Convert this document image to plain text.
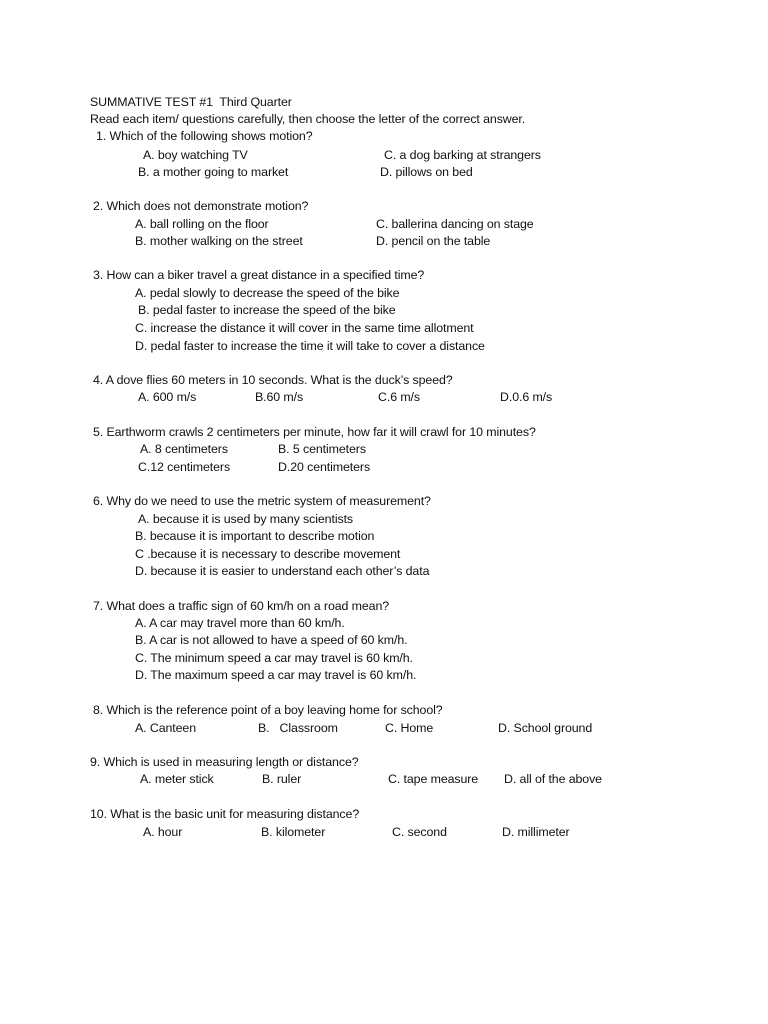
SUMMATIVE TEST #1  Third Quarter
Read each item/ questions carefully, then choose the letter of the correct answer.
1. Which of the following shows motion?
A. boy watching TV	C. a dog barking at strangers
B. a mother going to market	D. pillows on bed
2. Which does not demonstrate motion?
A. ball rolling on the floor	C. ballerina dancing on stage
B. mother walking on the street	D. pencil on the table
3. How can a biker travel a great distance in a specified time?
A. pedal slowly to decrease the speed of the bike
B. pedal faster to increase the speed of the bike
C. increase the distance it will cover in the same time allotment
D. pedal faster to increase the time it will take to cover a distance
4. A dove flies 60 meters in 10 seconds. What is the duck’s speed?
A. 600 m/s	B.60 m/s	C.6 m/s	D.0.6 m/s
5. Earthworm crawls 2 centimeters per minute, how far it will crawl for 10 minutes?
A. 8 centimeters	B. 5 centimeters
C.12 centimeters	D.20 centimeters
6. Why do we need to use the metric system of measurement?
A. because it is used by many scientists
B. because it is important to describe motion
C .because it is necessary to describe movement
D. because it is easier to understand each other’s data
7. What does a traffic sign of 60 km/h on a road mean?
A. A car may travel more than 60 km/h.
B. A car is not allowed to have a speed of 60 km/h.
C. The minimum speed a car may travel is 60 km/h.
D. The maximum speed a car may travel is 60 km/h.
8. Which is the reference point of a boy leaving home for school?
A. Canteen	B.   Classroom	C. Home	D. School ground
9. Which is used in measuring length or distance?
A. meter stick	B. ruler	C. tape measure D. all of the above
10. What is the basic unit for measuring distance?
A. hour	B. kilometer	C. second	D. millimeter
